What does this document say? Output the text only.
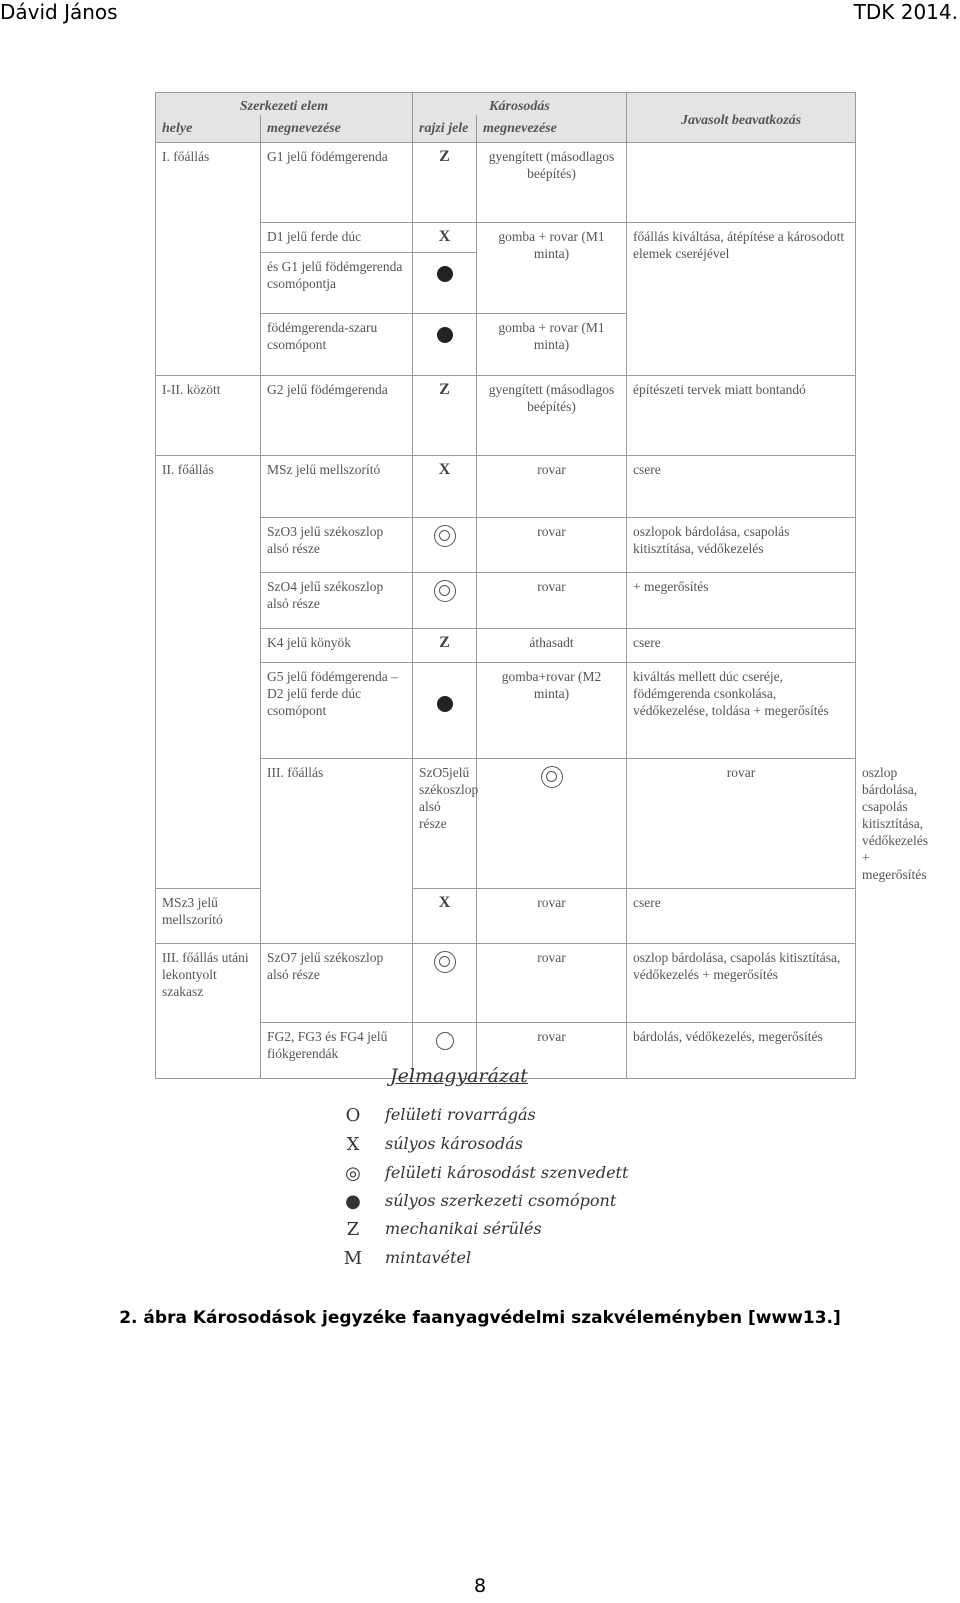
Dávid János	TDK 2014.
Szerkezeti elem		Károsodás		Javasolt beavatkozás	
helye	megnevezése	rajzi jele	megnevezése		
I. főállás	G1 jelű födémgerenda	Z	gyengített (másodlagos beépítés)		
	D1 jelű ferde dúc	X	gomba + rovar (M1 minta)	főállás kiváltása, átépítése a károsodott elemek cseréjével	
	és G1 jelű födémgerenda csomópontja				

	födémgerenda-szaru csomópont		gomba + rovar (M1 minta)		
I-II. között	G2 jelű födémgerenda	Z	gyengített (másodlagos beépítés)	építészeti tervek miatt bontandó	
II. főállás	MSz jelű mellszorító	X	rovar	csere	
	SzO3 jelű székoszlop alsó része		rovar	oszlopok bárdolása, csapolás kitisztítása, védőkezelés	
	SzO4 jelű székoszlop alsó része		rovar	+ megerősítés	
	K4 jelű könyök	Z	áthasadt	csere	
	G5 jelű födémgerenda – D2 jelű ferde dúc csomópont		gomba+rovar (M2 minta)	kiváltás mellett dúc cseréje, födémgerenda csonkolása, védőkezelése, toldása + megerősítés	
	III. főállás	SzO5jelű székoszlop alsó része		rovar	oszlop bárdolása, csapolás kitisztítása, védőkezelés + megerősítés
MSz3 jelű mellszorító		X	rovar	csere	
III. főállás utáni lekontyolt szakasz	SzO7 jelű székoszlop alsó része		rovar	oszlop bárdolása, csapolás kitisztítása, védőkezelés + megerősítés	
	FG2, FG3 és FG4 jelű fiókgerendák		rovar	bárdolás, védőkezelés, megerősítés	
Jelmagyarázat
O felületi rovarrágás
X súlyos károsodás
◎ felületi károsodást szenvedett
● súlyos szerkezeti csomópont
Z mechanikai sérülés
M mintavétel
2. ábra Károsodások jegyzéke faanyagvédelmi szakvéleményben [www13.]
8
